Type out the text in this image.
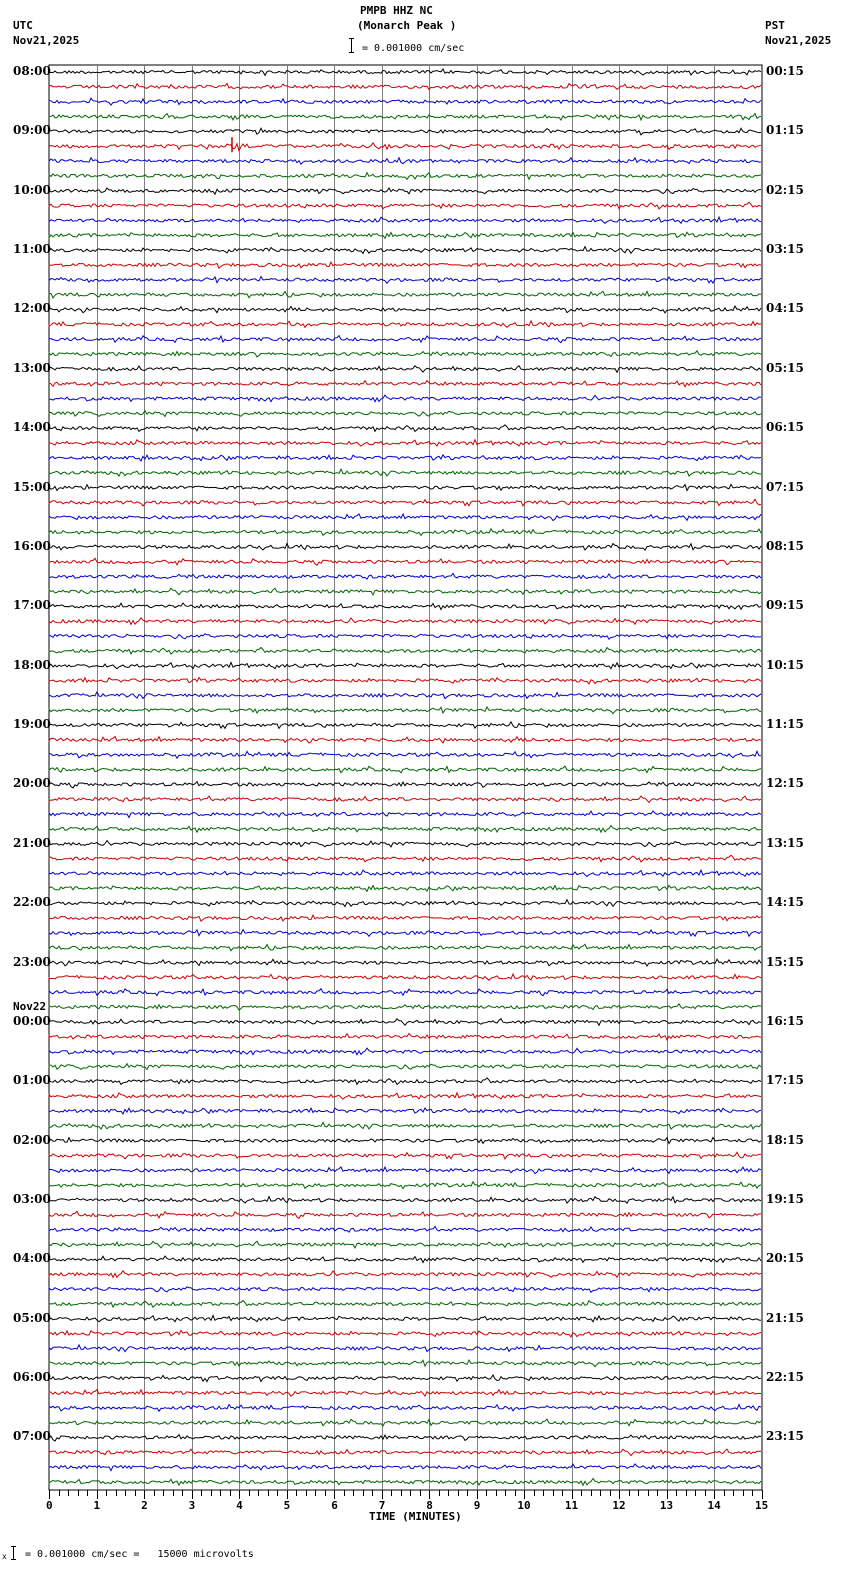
PMPB HHZ NC
(Monarch Peak )
UTC
Nov21,2025
PST
Nov21,2025
= 0.001000 cm/sec
08:00
09:00
10:00
11:00
12:00
13:00
14:00
15:00
16:00
17:00
18:00
19:00
20:00
21:00
22:00
23:00
00:00
Nov22
01:00
02:00
03:00
04:00
05:00
06:00
07:00
00:15
01:15
02:15
03:15
04:15
05:15
06:15
07:15
08:15
09:15
10:15
11:15
12:15
13:15
14:15
15:15
16:15
17:15
18:15
19:15
20:15
21:15
22:15
23:15
0	1	2	3	4	5	6	7	8	9	10	11	12	13	14	15
TIME (MINUTES)
x = 0.001000 cm/sec =   15000 microvolts
